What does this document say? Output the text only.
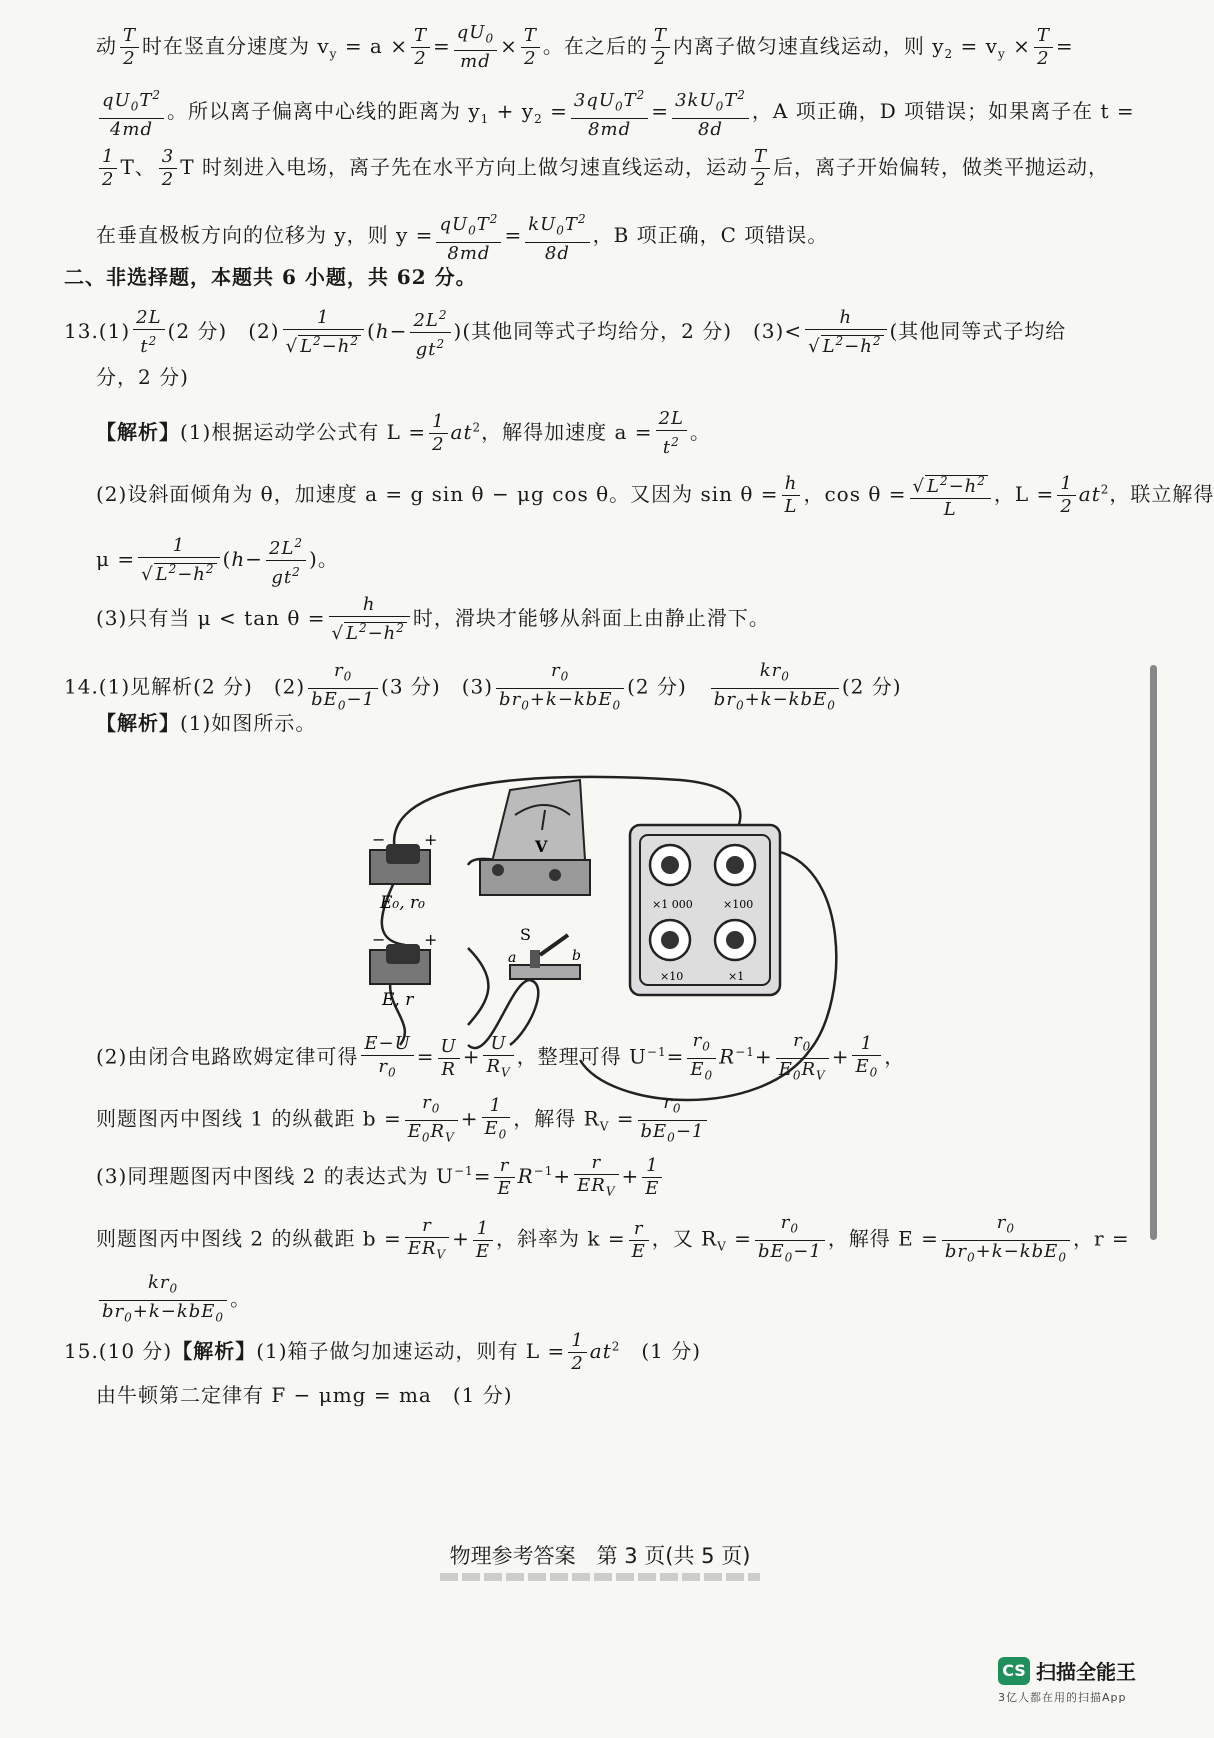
动 $\frac{T}{2}$ 时在竖直分速度为 $v_y = a \times \frac{T}{2} = \frac{qU_0}{md} \times \frac{T}{2}$ 。在之后的 $\frac{T}{2}$ 内离子做匀速直线运动，则 $y_2 = v_y \times \frac{T}{2}$ =
$\frac{qU_0T^2}{4md}$ 。所以离子偏离中心线的距离为 $y_1 + y_2 = \frac{3qU_0T^2}{8md} = \frac{3kU_0T^2}{8d}$ ，A 项正确，D 项错误；如果离子在 t =
$\frac{1}{2}$ T、 $\frac{3}{2}$ T 时刻进入电场，离子先在水平方向上做匀速直线运动，运动 $\frac{T}{2}$ 后，离子开始偏转，做类平抛运动，
在垂直极板方向的位移为 y，则 $y = \frac{qU_0T^2}{8md} = \frac{kU_0T^2}{8d}$ ，B 项正确，C 项错误。
二、非选择题，本题共 6 小题，共 62 分。
$13.(1) \frac{2L}{t^2} (2$ 分)　$(2) \frac{1}{√ L^2-h^2} (h- \frac{2L^2}{gt^2}$ )(其他同等式子均给分，2 分)　$(3)< \frac{h}{√ L^2-h^2}$ (其他同等式子均给
分，2 分)
【解析】(1)根据运动学公式有 $L = \frac{1}{2} at^2$，解得加速度 $a = \frac{2L}{t^2}$ 。
(2)设斜面倾角为 θ，加速度 a = g sin θ − μg cos θ。又因为 $\sin \theta = \frac{h}{L}$ ，$\cos \theta = \frac{√ L^2-h^2}{L}$ ，$L = \frac{1}{2} at^2$，联立解得
$\mu = \frac{1}{√ L^2-h^2} (h- \frac{2L^2}{gt^2}$ )。
(3)只有当 $\mu < \tan \theta = \frac{h}{√ L^2-h^2}$ 时，滑块才能够从斜面上由静止滑下。
14.(1)见解析(2 分)　$(2) \frac{r_0}{bE_0-1} (3$ 分)　$(3) \frac{r_0}{br_0+k-kbE_0} (2$ 分)　 $\frac{kr_0}{br_0+k-kbE_0} (2$ 分)
【解析】(1)如图所示。
− +
E₀, r₀
− +
E, r
V
S
a	b
×1 000	×100
×10	×1
(2)由闭合电路欧姆定律可得 $\frac{E-U}{r_0} = \frac{U}{R} + \frac{U}{R_V}$ ，整理可得 $U^{-1}= \frac{r_0}{E_0} R^{-1}+ \frac{r_0}{E_0R_V} + \frac{1}{E_0}$ ，
则题图丙中图线 1 的纵截距 $b = \frac{r_0}{E_0R_V} + \frac{1}{E_0}$ ，解得 $R_V = \frac{r_0}{bE_0-1}$
(3)同理题图丙中图线 2 的表达式为 $U^{-1}= \frac{r}{E} R^{-1}+ \frac{r}{ER_V} + \frac{1}{E}$
则题图丙中图线 2 的纵截距 $b = \frac{r}{ER_V} + \frac{1}{E}$ ，斜率为 $k = \frac{r}{E}$ ，又 $R_V = \frac{r_0}{bE_0-1}$ ，解得 $E = \frac{r_0}{br_0+k-kbE_0}$ ，r =
$\frac{kr_0}{br_0+k-kbE_0}$ 。
15.(10 分)【解析】(1)箱子做匀加速运动，则有 $L = \frac{1}{2} at^2$　 (1 分)
由牛顿第二定律有 F − μmg = ma　(1 分)
物理参考答案　第 3 页(共 5 页)
CS 扫描全能王
3亿人都在用的扫描App
